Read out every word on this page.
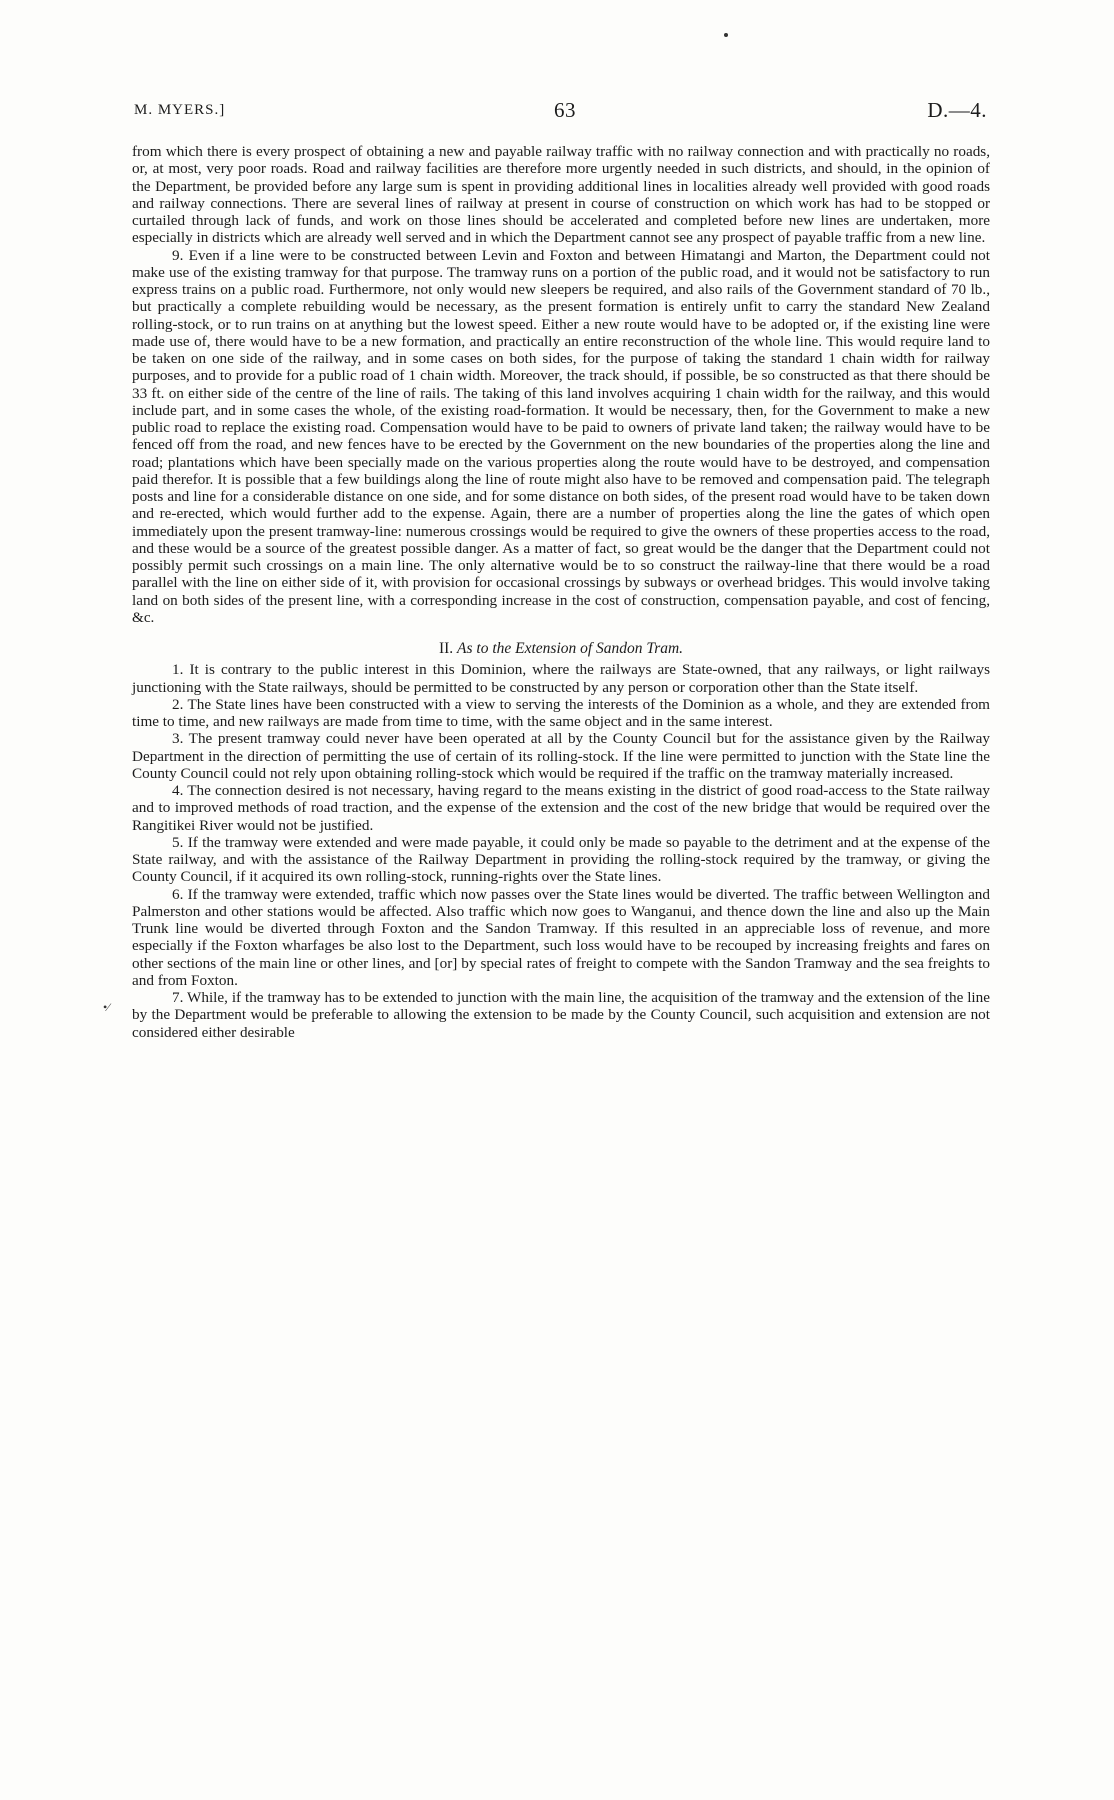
M. MYERS.]	63	D.—4.
•⁄

from which there is every prospect of obtaining a new and payable railway traffic with no railway connection and with practically no roads, or, at most, very poor roads. Road and railway facilities are therefore more urgently needed in such districts, and should, in the opinion of the Department, be provided before any large sum is spent in providing additional lines in localities already well provided with good roads and railway connections. There are several lines of railway at present in course of construction on which work has had to be stopped or curtailed through lack of funds, and work on those lines should be accelerated and completed before new lines are undertaken, more especially in districts which are already well served and in which the Department cannot see any prospect of payable traffic from a new line.

9. Even if a line were to be constructed between Levin and Foxton and between Himatangi and Marton, the Department could not make use of the existing tramway for that purpose. The tramway runs on a portion of the public road, and it would not be satisfactory to run express trains on a public road. Furthermore, not only would new sleepers be required, and also rails of the Government standard of 70 lb., but practically a complete rebuilding would be necessary, as the present formation is entirely unfit to carry the standard New Zealand rolling-stock, or to run trains on at anything but the lowest speed. Either a new route would have to be adopted or, if the existing line were made use of, there would have to be a new formation, and practically an entire reconstruction of the whole line. This would require land to be taken on one side of the railway, and in some cases on both sides, for the purpose of taking the standard 1 chain width for railway purposes, and to provide for a public road of 1 chain width. Moreover, the track should, if possible, be so constructed as that there should be 33 ft. on either side of the centre of the line of rails. The taking of this land involves acquiring 1 chain width for the railway, and this would include part, and in some cases the whole, of the existing road-formation. It would be necessary, then, for the Government to make a new public road to replace the existing road. Compensation would have to be paid to owners of private land taken; the railway would have to be fenced off from the road, and new fences have to be erected by the Government on the new boundaries of the properties along the line and road; plantations which have been specially made on the various properties along the route would have to be destroyed, and compensation paid therefor. It is possible that a few buildings along the line of route might also have to be removed and compensation paid. The telegraph posts and line for a considerable distance on one side, and for some distance on both sides, of the present road would have to be taken down and re-erected, which would further add to the expense. Again, there are a number of properties along the line the gates of which open immediately upon the present tramway-line: numerous crossings would be required to give the owners of these properties access to the road, and these would be a source of the greatest possible danger. As a matter of fact, so great would be the danger that the Department could not possibly permit such crossings on a main line. The only alternative would be to so construct the railway-line that there would be a road parallel with the line on either side of it, with provision for occasional crossings by subways or overhead bridges. This would involve taking land on both sides of the present line, with a corresponding increase in the cost of construction, compensation payable, and cost of fencing, &c.

II. As to the Extension of Sandon Tram.

1. It is contrary to the public interest in this Dominion, where the railways are State-owned, that any railways, or light railways junctioning with the State railways, should be permitted to be constructed by any person or corporation other than the State itself.

2. The State lines have been constructed with a view to serving the interests of the Dominion as a whole, and they are extended from time to time, and new railways are made from time to time, with the same object and in the same interest.

3. The present tramway could never have been operated at all by the County Council but for the assistance given by the Railway Department in the direction of permitting the use of certain of its rolling-stock. If the line were permitted to junction with the State line the County Council could not rely upon obtaining rolling-stock which would be required if the traffic on the tramway materially increased.

4. The connection desired is not necessary, having regard to the means existing in the district of good road-access to the State railway and to improved methods of road traction, and the expense of the extension and the cost of the new bridge that would be required over the Rangitikei River would not be justified.

5. If the tramway were extended and were made payable, it could only be made so payable to the detriment and at the expense of the State railway, and with the assistance of the Railway Department in providing the rolling-stock required by the tramway, or giving the County Council, if it acquired its own rolling-stock, running-rights over the State lines.

6. If the tramway were extended, traffic which now passes over the State lines would be diverted. The traffic between Wellington and Palmerston and other stations would be affected. Also traffic which now goes to Wanganui, and thence down the line and also up the Main Trunk line would be diverted through Foxton and the Sandon Tramway. If this resulted in an appreciable loss of revenue, and more especially if the Foxton wharfages be also lost to the Department, such loss would have to be recouped by increasing freights and fares on other sections of the main line or other lines, and [or] by special rates of freight to compete with the Sandon Tramway and the sea freights to and from Foxton.

7. While, if the tramway has to be extended to junction with the main line, the acquisition of the tramway and the extension of the line by the Department would be preferable to allowing the extension to be made by the County Council, such acquisition and extension are not considered either desirable
